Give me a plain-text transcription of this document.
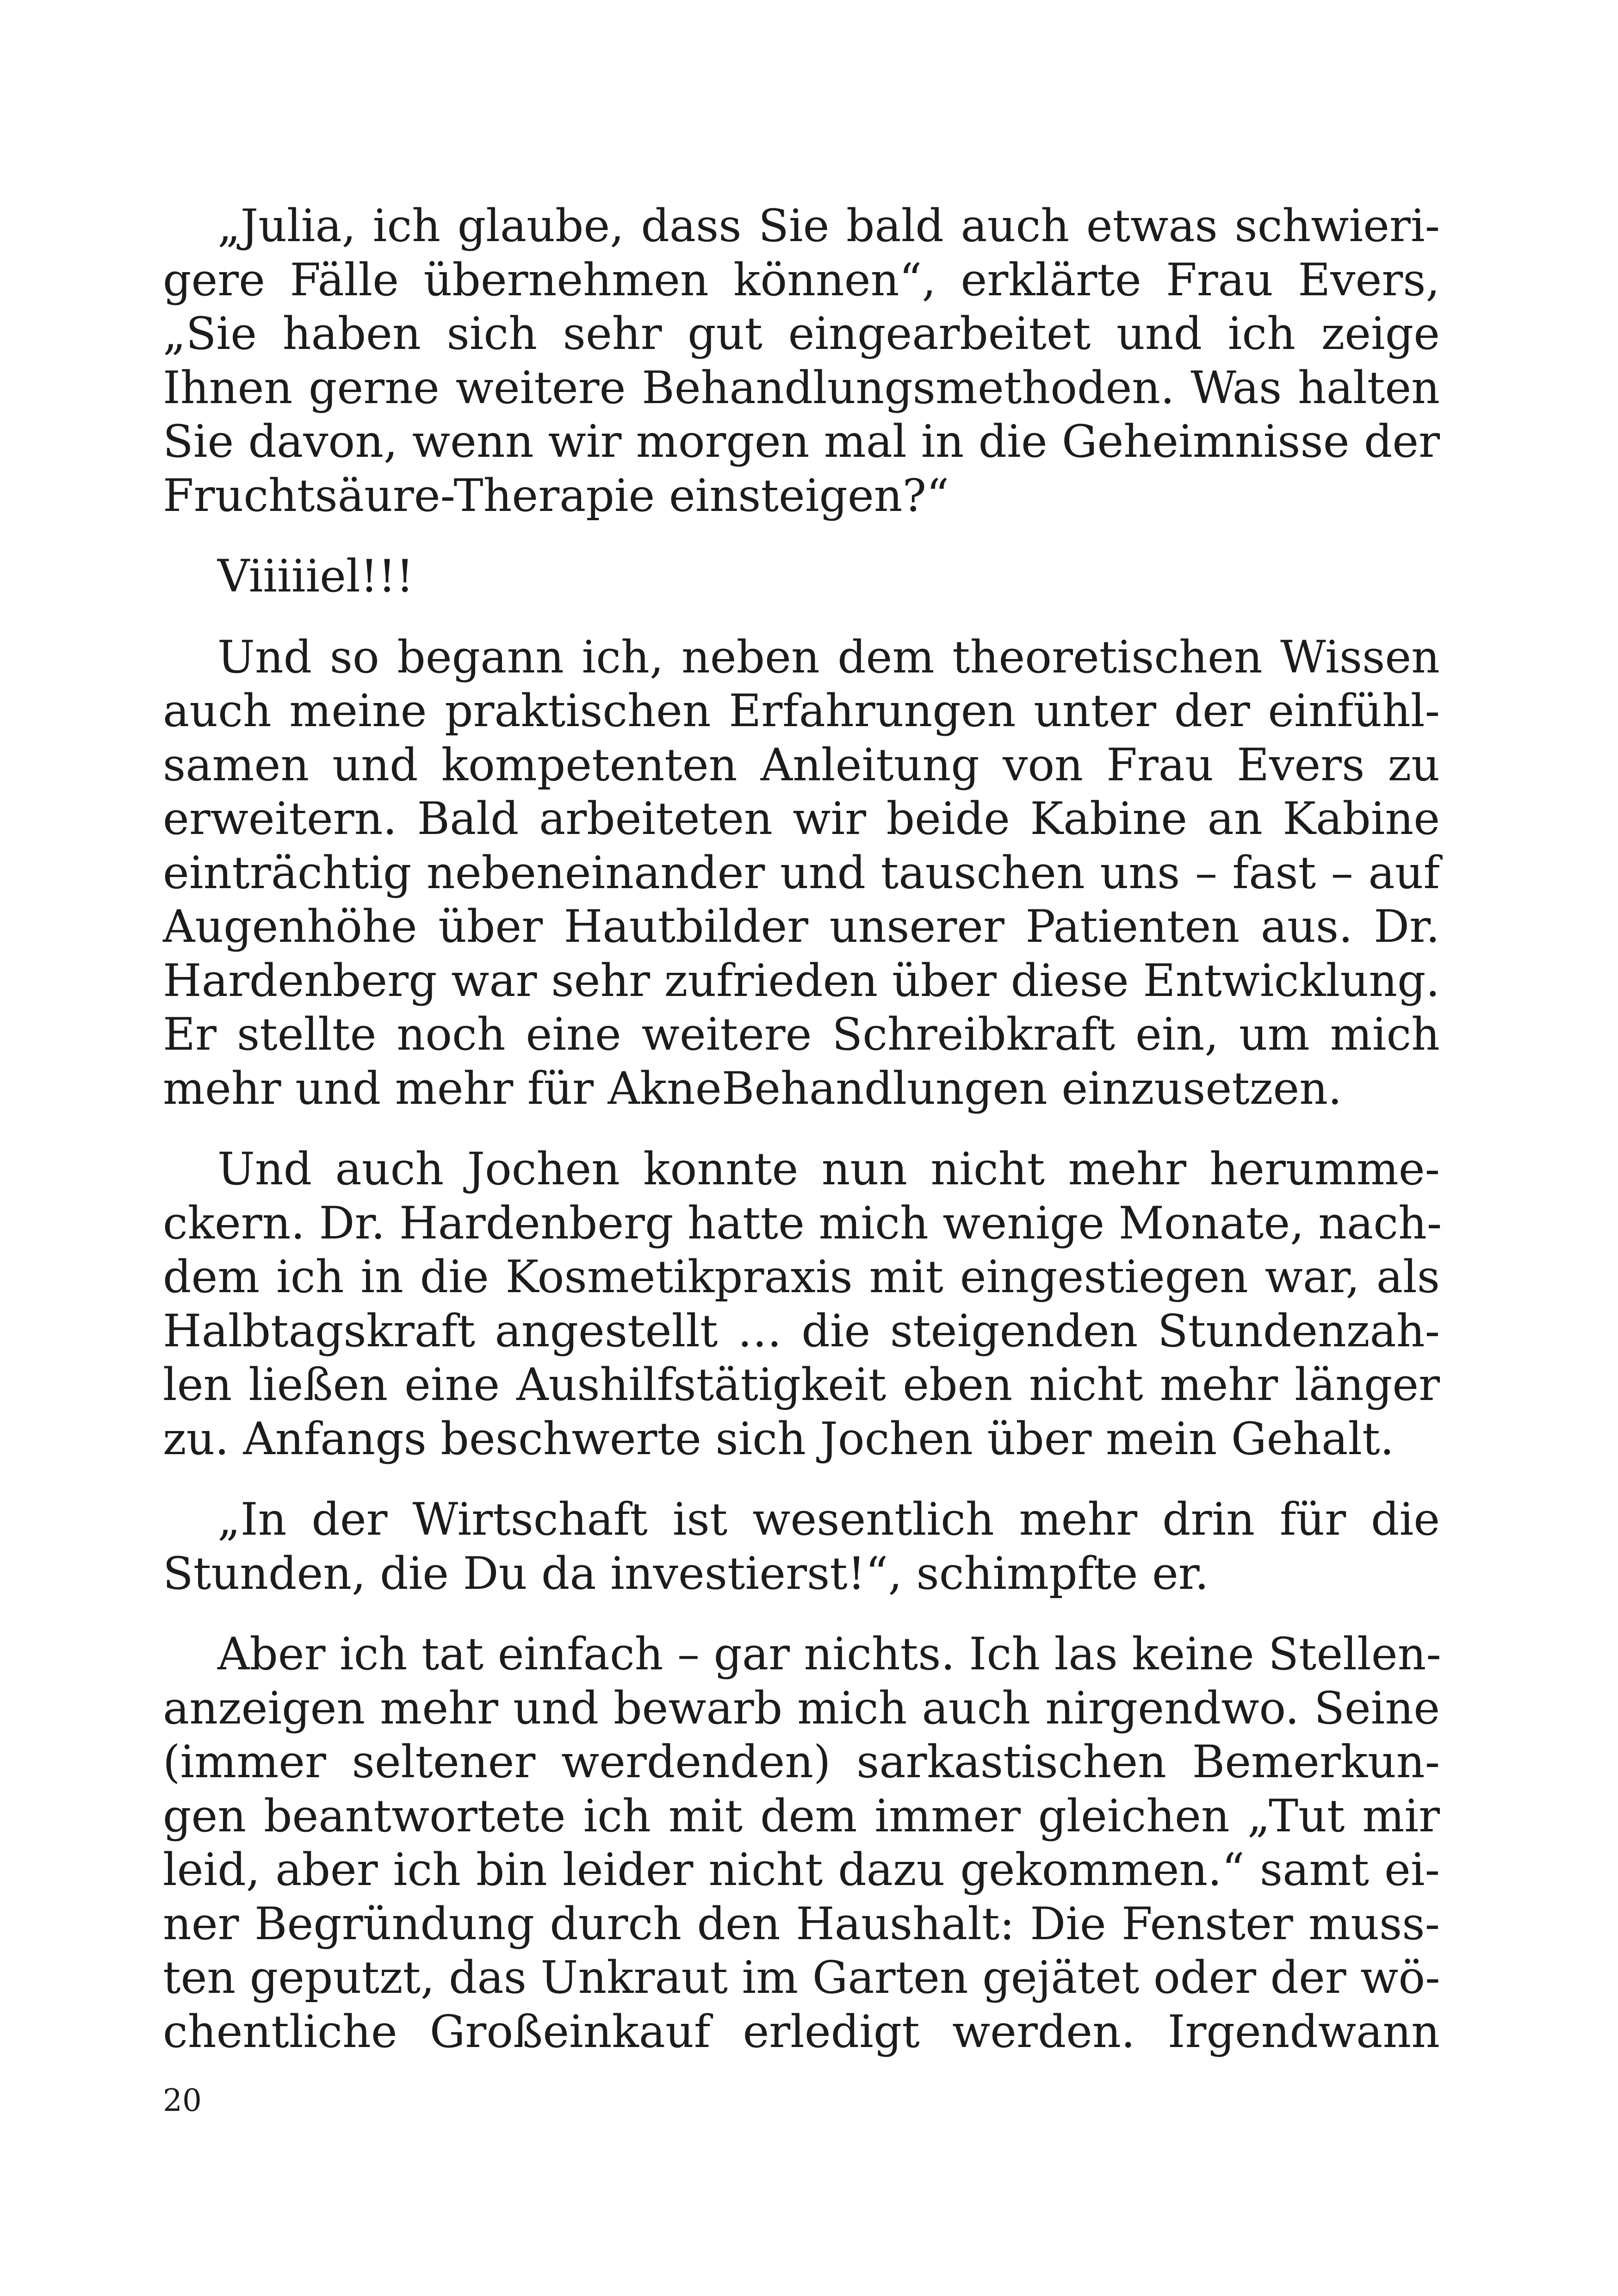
„Julia, ich glaube, dass Sie bald auch etwas schwieri-
gere Fälle übernehmen können“, erklärte Frau Evers,
„Sie haben sich sehr gut eingearbeitet und ich zeige
Ihnen gerne weitere Behandlungsmethoden. Was halten
Sie davon, wenn wir morgen mal in die Geheimnisse der
Fruchtsäure-Therapie einsteigen?“

Viiiiiel!!!

Und so begann ich, neben dem theoretischen Wissen
auch meine praktischen Erfahrungen unter der einfühl-
samen und kompetenten Anleitung von Frau Evers zu
erweitern. Bald arbeiteten wir beide Kabine an Kabine
einträchtig nebeneinander und tauschen uns – fast – auf
Augenhöhe über Hautbilder unserer Patienten aus. Dr.
Hardenberg war sehr zufrieden über diese Entwicklung.
Er stellte noch eine weitere Schreibkraft ein, um mich
mehr und mehr für AkneBehandlungen einzusetzen.

Und auch Jochen konnte nun nicht mehr herumme-
ckern. Dr. Hardenberg hatte mich wenige Monate, nach-
dem ich in die Kosmetikpraxis mit eingestiegen war, als
Halbtagskraft angestellt … die steigenden Stundenzah-
len ließen eine Aushilfstätigkeit eben nicht mehr länger
zu. Anfangs beschwerte sich Jochen über mein Gehalt.

„In der Wirtschaft ist wesentlich mehr drin für die
Stunden, die Du da investierst!“, schimpfte er.

Aber ich tat einfach – gar nichts. Ich las keine Stellen-
anzeigen mehr und bewarb mich auch nirgendwo. Seine
(immer seltener werdenden) sarkastischen Bemerkun-
gen beantwortete ich mit dem immer gleichen „Tut mir
leid, aber ich bin leider nicht dazu gekommen.“ samt ei-
ner Begründung durch den Haushalt: Die Fenster muss-
ten geputzt, das Unkraut im Garten gejätet oder der wö-
chentliche Großeinkauf erledigt werden. Irgendwann

20
